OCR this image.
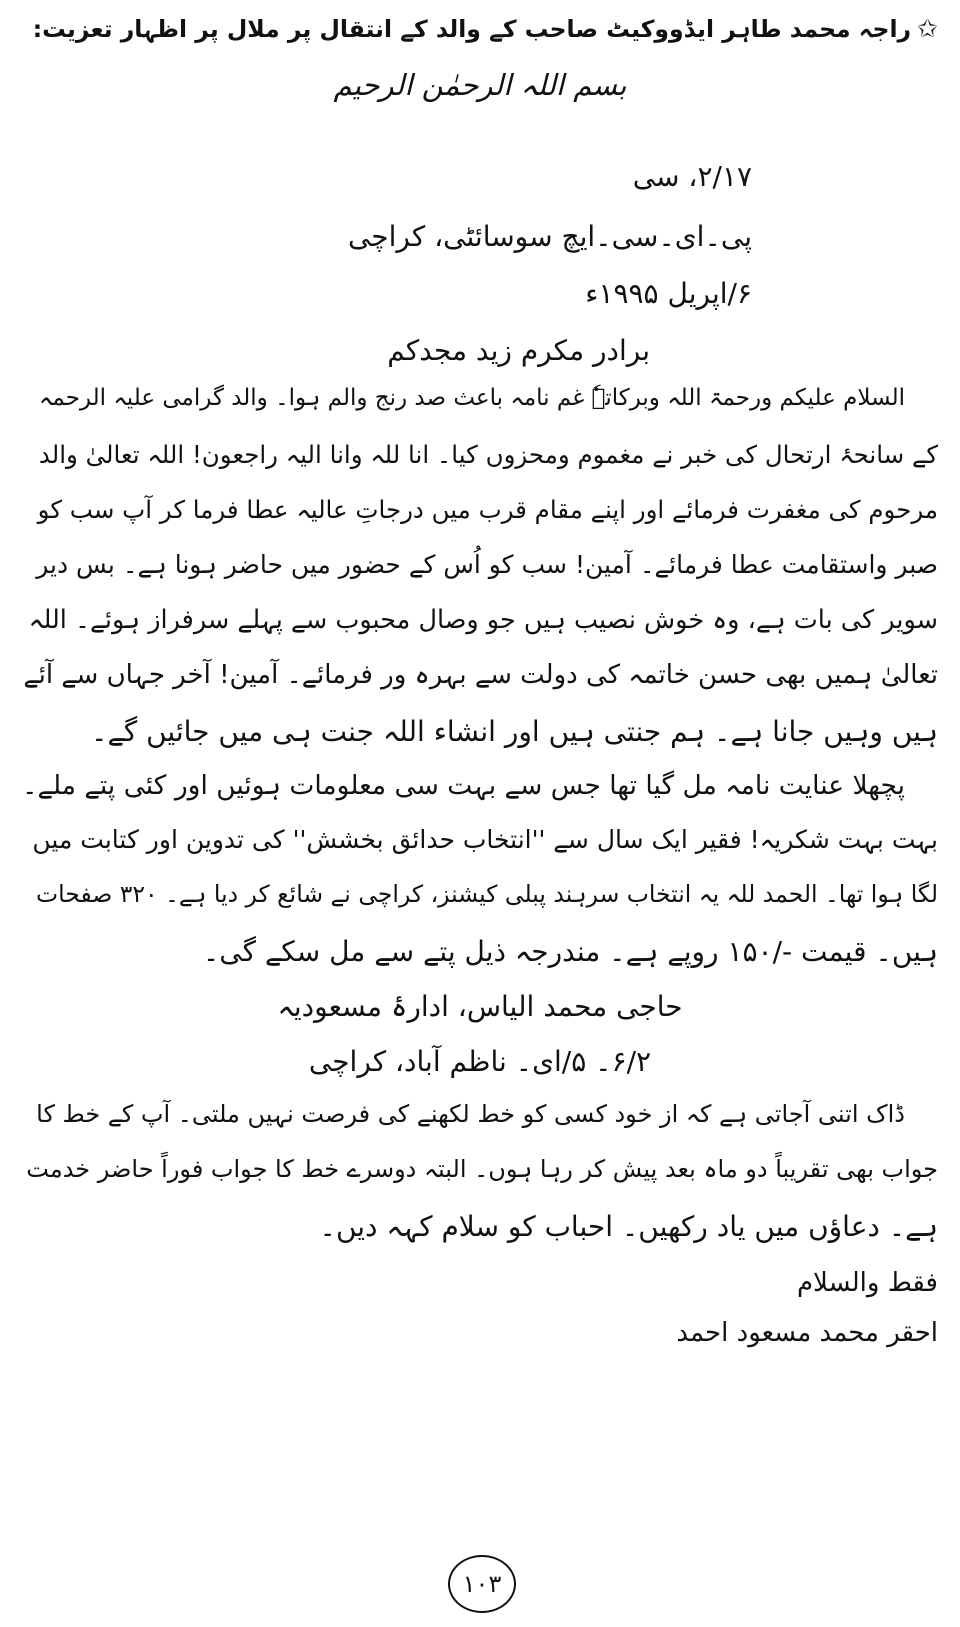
✩راجہ محمد طاہر ایڈووکیٹ صاحب کے والد کے انتقال پر ملال پر اظہار تعزیت:
بسم اللہ الرحمٰن الرحیم
۲/۱۷، سی
پی۔ای۔سی۔ایچ سوسائٹی، کراچی
۶/اپریل ۱۹۹۵ء
برادر مکرم زید مجدکم
السلام علیکم ورحمۃ اللہ وبرکاتہٗ غم نامہ باعث صد رنج والم ہوا۔ والد گرامی علیہ الرحمہ
کے سانحۂ ارتحال کی خبر نے مغموم ومحزوں کیا۔ انا للہ وانا الیہ راجعون! اللہ تعالیٰ والد
مرحوم کی مغفرت فرمائے اور اپنے مقام قرب میں درجاتِ عالیہ عطا فرما کر آپ سب کو
صبر واستقامت عطا فرمائے۔ آمین! سب کو اُس کے حضور میں حاضر ہونا ہے۔ بس دیر
سویر کی بات ہے، وہ خوش نصیب ہیں جو وصال محبوب سے پہلے سرفراز ہوئے۔ اللہ
تعالیٰ ہمیں بھی حسن خاتمہ کی دولت سے بہرہ ور فرمائے۔ آمین! آخر جہاں سے آئے
ہیں وہیں جانا ہے۔ ہم جنتی ہیں اور انشاء اللہ جنت ہی میں جائیں گے۔
پچھلا عنایت نامہ مل گیا تھا جس سے بہت سی معلومات ہوئیں اور کئی پتے ملے۔
بہت بہت شکریہ! فقیر ایک سال سے ''انتخاب حدائق بخشش'' کی تدوین اور کتابت میں
لگا ہوا تھا۔ الحمد للہ یہ انتخاب سرہند پبلی کیشنز، کراچی نے شائع کر دیا ہے۔ ۳۲۰ صفحات
ہیں۔ قیمت -/۱۵۰ روپے ہے۔ مندرجہ ذیل پتے سے مل سکے گی۔
حاجی محمد الیاس، ادارۂ مسعودیہ
۶/۲۔ ۵/ای۔ ناظم آباد، کراچی
ڈاک اتنی آجاتی ہے کہ از خود کسی کو خط لکھنے کی فرصت نہیں ملتی۔ آپ کے خط کا
جواب بھی تقریباً دو ماہ بعد پیش کر رہا ہوں۔ البتہ دوسرے خط کا جواب فوراً حاضر خدمت
ہے۔ دعاؤں میں یاد رکھیں۔ احباب کو سلام کہہ دیں۔
فقط والسلام
احقر محمد مسعود احمد
۱۰۳
